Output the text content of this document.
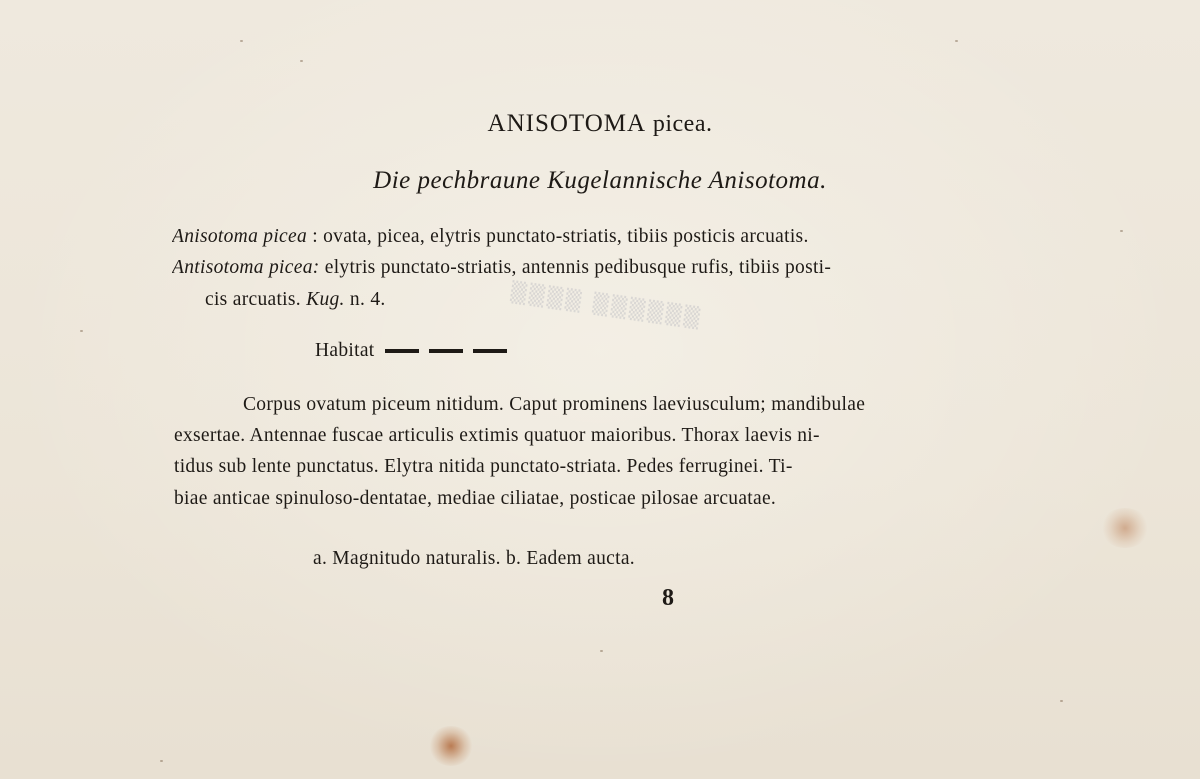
▒▒▒▒ ▒▒▒▒▒▒
ANISOTOMA picea.
Die pechbraune Kugelannische Anisotoma.
Anisotoma picea : ovata, picea, elytris punctato-striatis, tibiis posticis arcuatis.
Antisotoma picea: elytris punctato-striatis, antennis pedibusque rufis, tibiis posti-
cis arcuatis. Kug. n. 4.
Habitat
Corpus ovatum piceum nitidum. Caput prominens laeviusculum; mandibulae
exsertae. Antennae fuscae articulis extimis quatuor maioribus. Thorax laevis ni-
tidus sub lente punctatus. Elytra nitida punctato-striata. Pedes ferruginei. Ti-
biae anticae spinuloso-dentatae, mediae ciliatae, posticae pilosae arcuatae.
a. Magnitudo naturalis. b. Eadem aucta.
8
